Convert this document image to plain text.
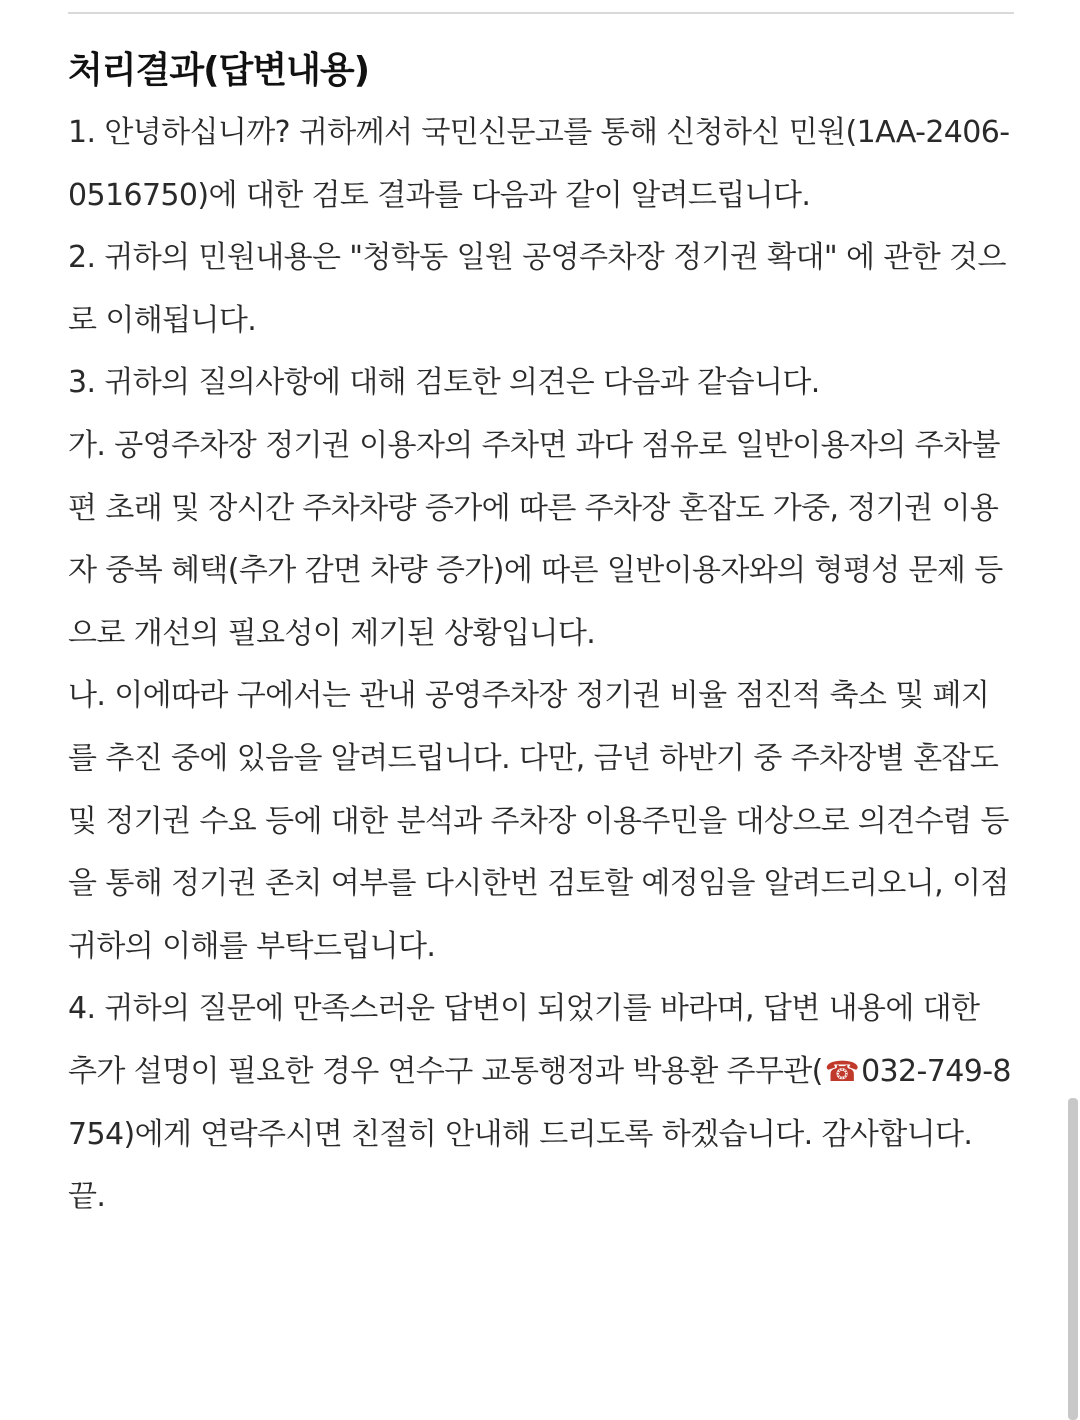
처리결과(답변내용)

1. 안녕하십니까? 귀하께서 국민신문고를 통해 신청하신 민원(1AA-2406-0516750)에 대한 검토 결과를 다음과 같이 알려드립니다.

2. 귀하의 민원내용은 "청학동 일원 공영주차장 정기권 확대" 에 관한 것으로 이해됩니다.

3. 귀하의 질의사항에 대해 검토한 의견은 다음과 같습니다.

가. 공영주차장 정기권 이용자의 주차면 과다 점유로 일반이용자의 주차불편 초래 및 장시간 주차차량 증가에 따른 주차장 혼잡도 가중, 정기권 이용자 중복 혜택(추가 감면 차량 증가)에 따른 일반이용자와의 형평성 문제 등으로 개선의 필요성이 제기된 상황입니다.

나. 이에따라 구에서는 관내 공영주차장 정기권 비율 점진적 축소 및 폐지를 추진 중에 있음을 알려드립니다. 다만, 금년 하반기 중 주차장별 혼잡도 및 정기권 수요 등에 대한 분석과 주차장 이용주민을 대상으로 의견수렴 등을 통해 정기권 존치 여부를 다시한번 검토할 예정임을 알려드리오니, 이점 귀하의 이해를 부탁드립니다.

4. 귀하의 질문에 만족스러운 답변이 되었기를 바라며, 답변 내용에 대한 추가 설명이 필요한 경우 연수구 교통행정과 박용환 주무관(☎032-749-8754)에게 연락주시면 친절히 안내해 드리도록 하겠습니다. 감사합니다. 끝.
